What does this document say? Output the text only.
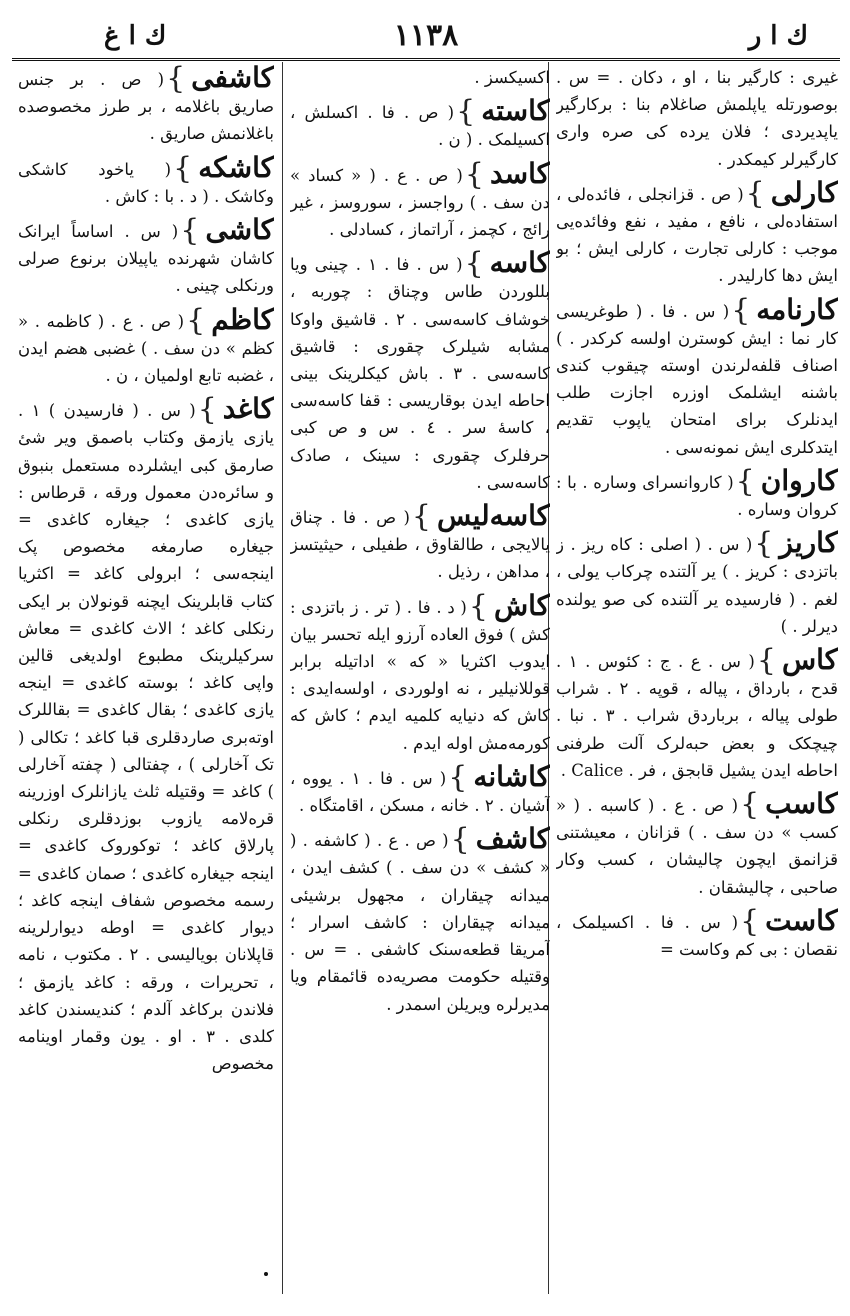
ك ا ر
١١٣٨
ك ا غ
غیری : کارگیر بنا ، او ، دکان . = س . بوصورتله یاپلمش صاغلام بنا : برکارگیر یاپدیردی ؛ فلان یرده کی صره واری کارگیرلر کیمکدر .
کارلی}( ص . قزانجلی ، فائده‌لی ، استفاده‌لی ، نافع ، مفید ، نفع وفائده‌یی موجب : کارلی تجارت ، کارلی ایش ؛ بو ایش دها کارلیدر .
کارنامه}( س . فا . ( طوغریسی کار نما : ایش کوسترن اولسه کرکدر . ) اصناف قلفه‌لرندن اوسته چیقوب کندی باشنه ایشلمک اوزره اجازت طلب ایدنلرک برای امتحان یاپوب تقدیم ایتدکلری ایش نمونه‌سی .
کاروان}( کاروانسرای وساره . با : کروان وساره .
کاریز}( س . ( اصلی : کاه ریز . ز باتزدی : کریز . ) یر آلتنده چرکاب یولی ، لغم . ( فارسیده یر آلتنده کی صو یولنده دیرلر . )
کاس}( س . ع . ج : کئوس . ۱ . قدح ، بارداق ، پیاله ، قوپه . ۲ . شراب طولی پیاله ، برباردق شراب . ۳ . نبا . چیچکک و بعض حبه‌لرک آلت طرفنی احاطه ایدن یشیل قابجق ، فر . Calice .
کاسب}( ص . ع . ( کاسبه . ( « کسب » دن سف . ) قزانان ، معیشتنی قزانمق ایچون چالیشان ، کسب وکار صاحبی ، چالیشقان .
کاست}( س . فا . اکسیلمک ، نقصان : بی کم وکاست =
اکسیکسز .
کاسته}( ص . فا . اکسلش ، اکسیلمک . ( ن .
کاسد}( ص . ع . ( « کساد » دن سف . ) رواجسز ، سوروسز ، غیر رائج ، کچمز ، آراتماز ، کسادلی .
کاسه}( س . فا . ۱ . چینی ویا بللوردن طاس وچناق : چوربه ، خوشاف کاسه‌سی . ۲ . قاشیق واوکا مشابه شیلرک چقوری : قاشیق کاسه‌سی . ۳ . باش کیکلرینک بینی احاطه ایدن بوقاریسی : قفا کاسه‌سی ، کاسهٔ سر . ٤ . س و ص کبی حرفلرک چقوری : سینک ، صادک کاسه‌سی .
کاسه‌لیس}( ص . فا . چناق یالایجی ، طالقاوق ، طفیلی ، حیثیتسز ، مداهن ، رذیل .
کاش}( د . فا . ( تر . ز باتزدی : کش ) فوق العاده آرزو ایله تحسر بیان ایدوب اکثریا « که » اداتیله برابر قوللانیلیر ، نه اولوردی ، اولسه‌ایدی : کاش که دنیایه کلمیه ایدم ؛ کاش که کورمه‌مش اوله ایدم .
کاشانه}( س . فا . ۱ . یووه ، آشیان . ۲ . خانه ، مسکن ، اقامتگاه .
کاشف}( ص . ع . ( کاشفه . ( « کشف » دن سف . ) کشف ایدن ، میدانه چیقاران ، مجهول برشیئی میدانه چیقاران : کاشف اسرار ؛ آمریقا قطعه‌سنک کاشفی . = س . وقتیله حکومت مصریه‌ده قائمقام ویا مدیرلره ویریلن اسمدر .
کاشفی}( ص . بر جنس صاریق باغلامه ، بر طرز مخصوصده باغلانمش صاریق .
کاشکه}( یاخود کاشکی وکاشک . ( د . با : کاش .
کاشی}( س . اساساً ایرانک کاشان شهرنده یاپیلان برنوع صرلی ورنکلی چینی .
کاظم}( ص . ع . ( کاظمه . « کظم » دن سف . ) غضبی هضم ایدن ، غضبه تابع اولمیان ، ن .
کاغد}( س . ( فارسیدن ) ۱ . یازی یازمق وکتاب باصمق ویر شئ صارمق کبی ایشلرده مستعمل بنبوق و سائره‌دن معمول ورقه ، قرطاس : یازی کاغدی ؛ جیغاره کاغدی = جیغاره صارمغه مخصوص پک اینجه‌سی ؛ ابرولی کاغد = اکثریا کتاب قابلرینک ایچنه قونولان بر ایکی رنکلی کاغد ؛ الاث کاغدی = معاش سرکیلرینک مطبوع اولدیغی قالین واپی کاغد ؛ بوسته کاغدی = اینجه یازی کاغدی ؛ بقال کاغدی = بقاللرک اوته‌بری صاردقلری قبا کاغد ؛ تکالی ( تک آخارلی ) ، چفتالی ( چفته آخارلی ) کاغد = وقتیله ثلث یازانلرک اوزرینه قره‌لامه یازوب بوزدقلری رنکلی پارلاق کاغد ؛ توکوروک کاغدی = اینجه جیغاره کاغدی ؛ صمان کاغدی = رسمه مخصوص شفاف اینجه کاغد ؛ دیوار کاغدی = اوطه دیوارلرینه قاپلانان بویالیسی . ۲ . مکتوب ، نامه ، تحریرات ، ورقه : کاغد یازمق ؛ فلاندن برکاغد آلدم ؛ کندیسندن کاغد کلدی . ۳ . او . یون وقمار اوینامه مخصوص
